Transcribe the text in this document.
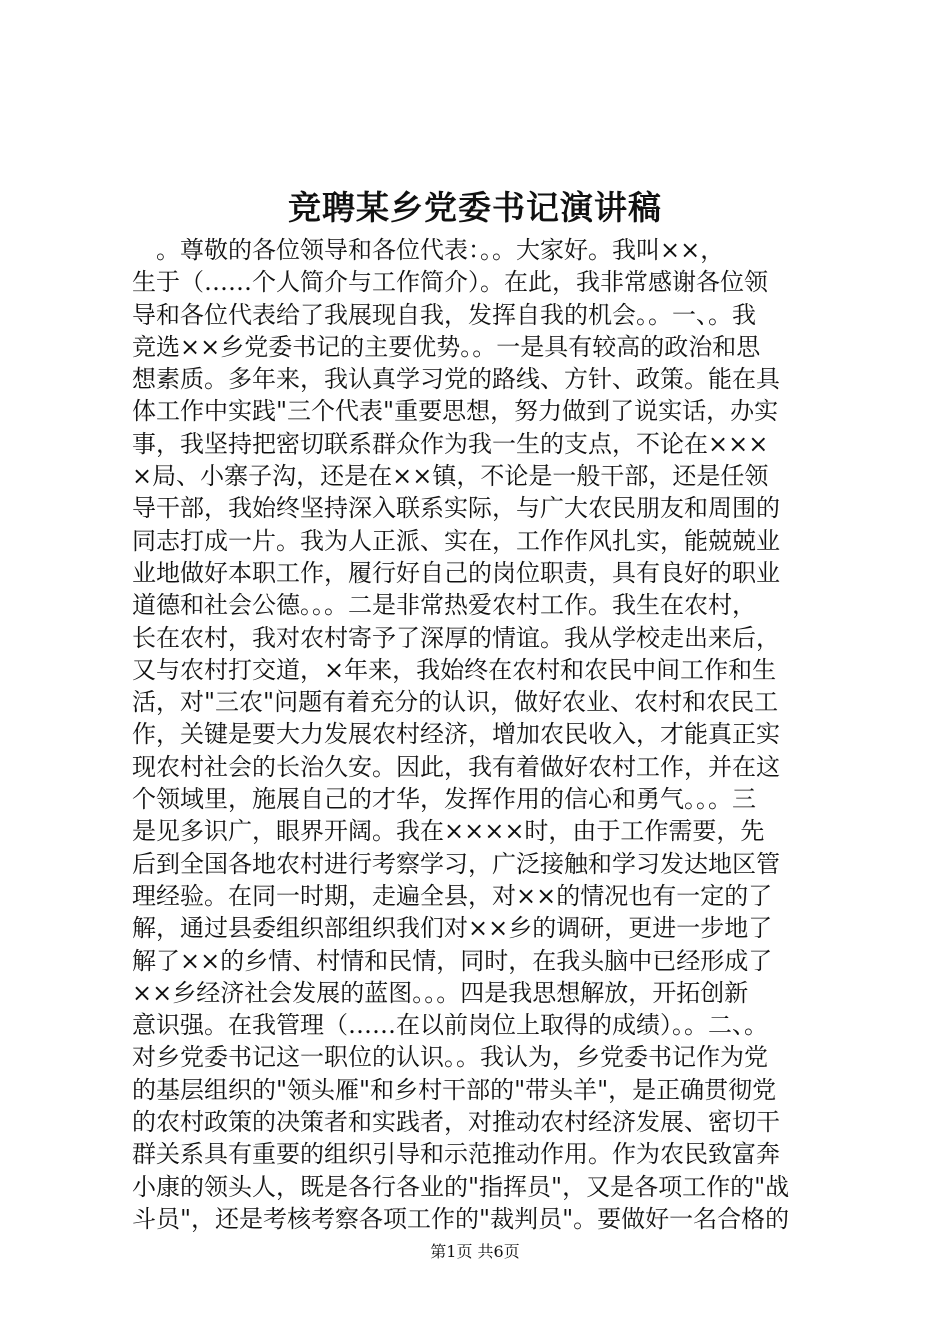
竞聘某乡党委书记演讲稿
　。尊敬的各位领导和各位代表：。。大家好。我叫××，
生于（……个人简介与工作简介）。在此，我非常感谢各位领
导和各位代表给了我展现自我，发挥自我的机会。。一、。我
竞选××乡党委书记的主要优势。。一是具有较高的政治和思
想素质。多年来，我认真学习党的路线、方针、政策。能在具
体工作中实践"三个代表"重要思想，努力做到了说实话，办实
事，我坚持把密切联系群众作为我一生的支点，不论在×××
×局、小寨子沟，还是在××镇，不论是一般干部，还是任领
导干部，我始终坚持深入联系实际，与广大农民朋友和周围的
同志打成一片。我为人正派、实在，工作作风扎实，能兢兢业
业地做好本职工作，履行好自己的岗位职责，具有良好的职业
道德和社会公德。。。二是非常热爱农村工作。我生在农村，
长在农村，我对农村寄予了深厚的情谊。我从学校走出来后，
又与农村打交道，×年来，我始终在农村和农民中间工作和生
活，对"三农"问题有着充分的认识，做好农业、农村和农民工
作，关键是要大力发展农村经济，增加农民收入，才能真正实
现农村社会的长治久安。因此，我有着做好农村工作，并在这
个领域里，施展自己的才华，发挥作用的信心和勇气。。。三
是见多识广，眼界开阔。我在××××时，由于工作需要，先
后到全国各地农村进行考察学习，广泛接触和学习发达地区管
理经验。在同一时期，走遍全县，对××的情况也有一定的了
解，通过县委组织部组织我们对××乡的调研，更进一步地了
解了××的乡情、村情和民情，同时，在我头脑中已经形成了
××乡经济社会发展的蓝图。。。四是我思想解放，开拓创新
意识强。在我管理（……在以前岗位上取得的成绩）。。二、。
对乡党委书记这一职位的认识。。我认为，乡党委书记作为党
的基层组织的"领头雁"和乡村干部的"带头羊"，是正确贯彻党
的农村政策的决策者和实践者，对推动农村经济发展、密切干
群关系具有重要的组织引导和示范推动作用。作为农民致富奔
小康的领头人，既是各行各业的"指挥员"，又是各项工作的"战
斗员"，还是考核考察各项工作的"裁判员"。要做好一名合格的
第1页 共6页
